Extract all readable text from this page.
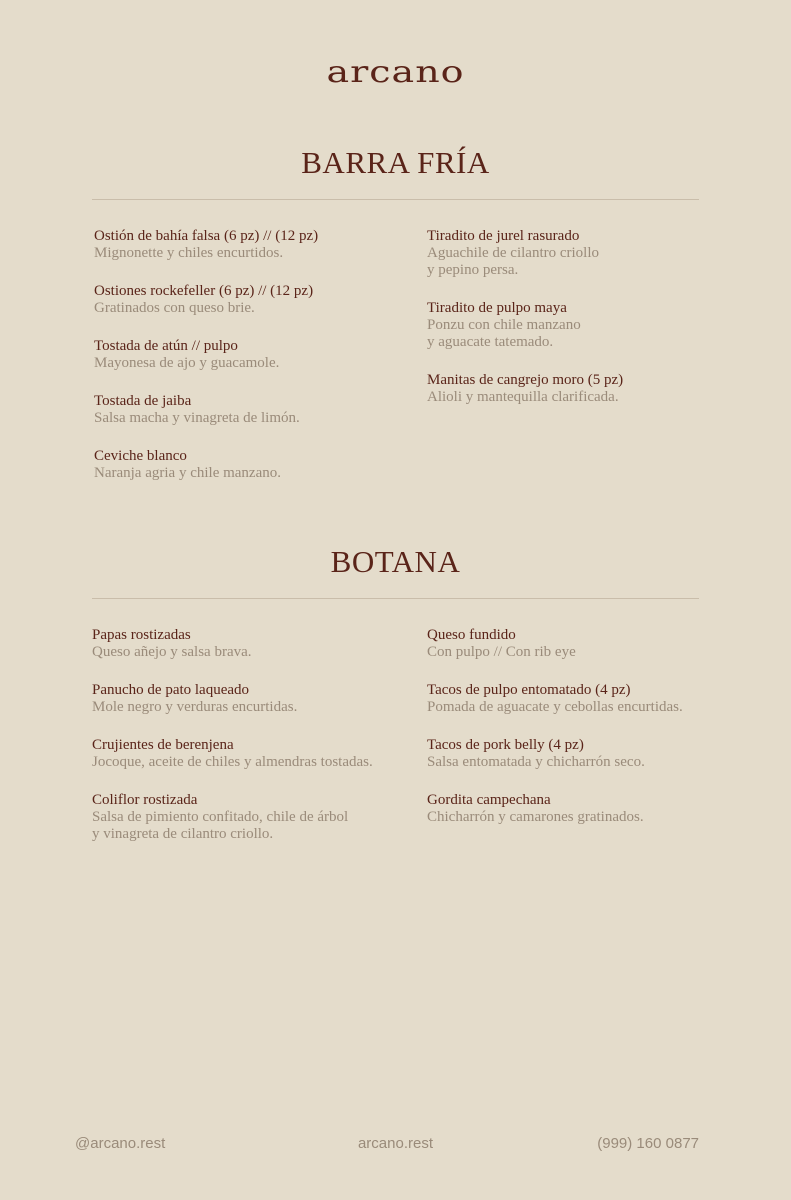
arcano
BARRA FRÍA
Ostión de bahía falsa (6 pz) // (12 pz)
Mignonette y chiles encurtidos.
Ostiones rockefeller (6 pz) // (12 pz)
Gratinados con queso brie.
Tostada de atún // pulpo
Mayonesa de ajo y guacamole.
Tostada de jaiba
Salsa macha y vinagreta de limón.
Ceviche blanco
Naranja agria y chile manzano.
Tiradito de jurel rasurado
Aguachile de cilantro criollo
y pepino persa.
Tiradito de pulpo maya
Ponzu con chile manzano
y aguacate tatemado.
Manitas de cangrejo moro (5 pz)
Alioli y mantequilla clarificada.
BOTANA
Papas rostizadas
Queso añejo y salsa brava.
Panucho de pato laqueado
Mole negro y verduras encurtidas.
Crujientes de berenjena
Jocoque, aceite de chiles y almendras tostadas.
Coliflor rostizada
Salsa de pimiento confitado, chile de árbol
y vinagreta de cilantro criollo.
Queso fundido
Con pulpo // Con rib eye
Tacos de pulpo entomatado (4 pz)
Pomada de aguacate y cebollas encurtidas.
Tacos de pork belly (4 pz)
Salsa entomatada y chicharrón seco.
Gordita campechana
Chicharrón y camarones gratinados.
@arcano.rest	arcano.rest	(999) 160 0877
